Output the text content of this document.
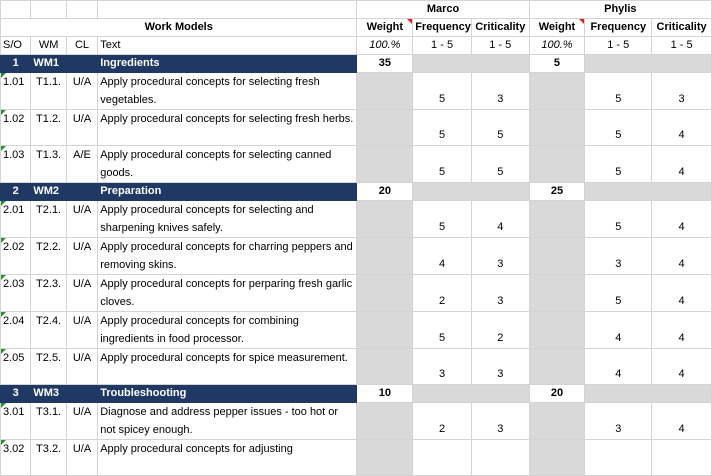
				Marco			Phylis		
Work Models				Weight	Frequency	Criticality	Weight	Frequency	Criticality
S/O	WM	CL	Text	100.%	1 - 5	1 - 5	100.%	1 - 5	1 - 5
1	WM1		Ingredients	35			5		
1.01	T1.1.	U/A	Apply procedural concepts for selecting fresh vegetables.		5	3		5	3
1.02	T1.2.	U/A	Apply procedural concepts for selecting fresh herbs.		5	5		5	4
1.03	T1.3.	A/E	Apply procedural concepts for selecting canned goods.		5	5		5	4
2	WM2		Preparation	20			25		
2.01	T2.1.	U/A	Apply procedural concepts for selecting and sharpening knives safely.		5	4		5	4
2.02	T2.2.	U/A	Apply procedural concepts for charring peppers and removing skins.		4	3		3	4
2.03	T2.3.	U/A	Apply procedural concepts for perparing fresh garlic cloves.		2	3		5	4
2.04	T2.4.	U/A	Apply procedural concepts for combining ingredients in food processor.		5	2		4	4
2.05	T2.5.	U/A	Apply procedural concepts for spice measurement.		3	3		4	4
3	WM3		Troubleshooting	10			20		
3.01	T3.1.	U/A	Diagnose and address pepper issues - too hot or not spicey enough.		2	3		3	4
3.02	T3.2.	U/A	Apply procedural concepts for adjusting						
